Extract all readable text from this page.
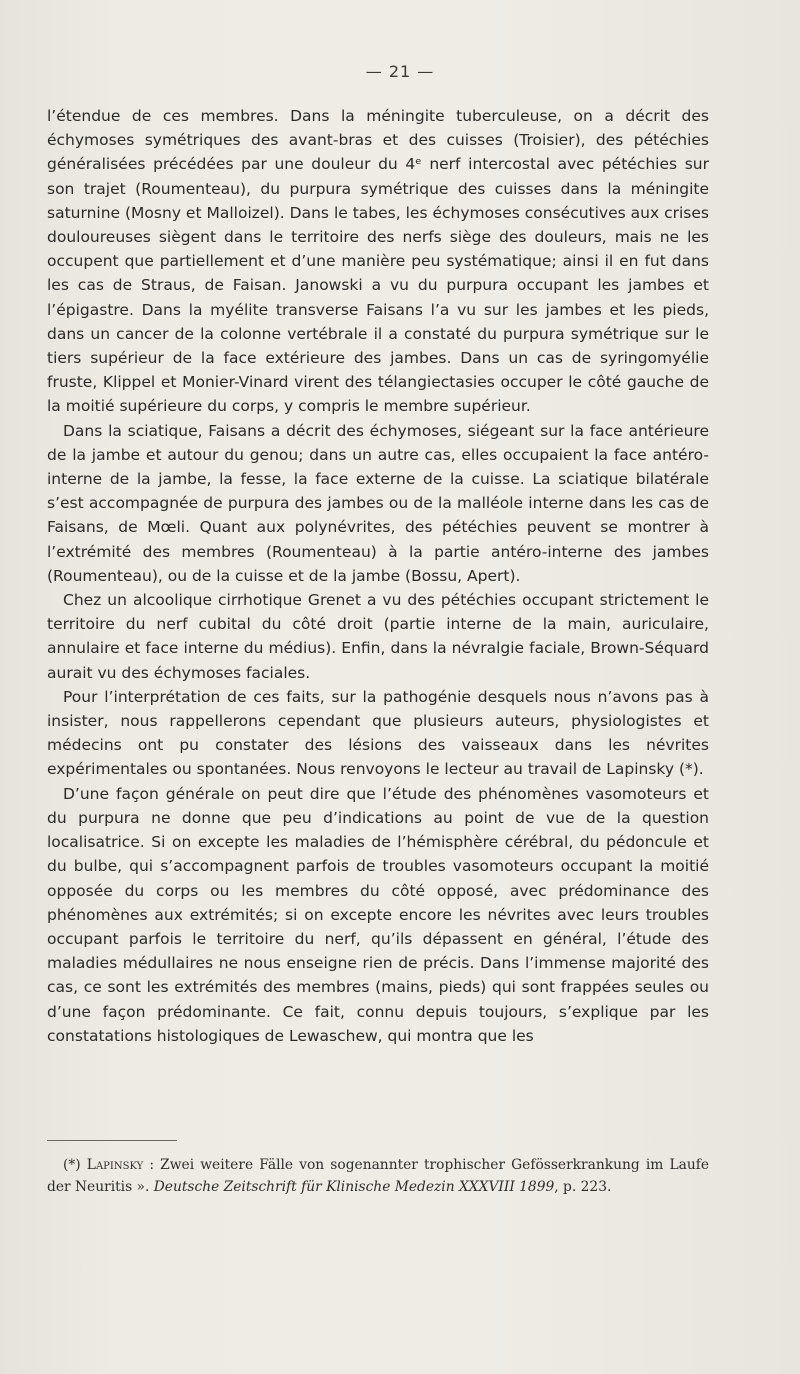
— 21 —

l’étendue de ces membres. Dans la méningite tuberculeuse, on a décrit des échymoses symétriques des avant-bras et des cuisses (Troisier), des pétéchies généralisées précédées par une douleur du 4ᵉ nerf intercostal avec pétéchies sur son trajet (Roumenteau), du purpura symétrique des cuisses dans la méningite saturnine (Mosny et Malloizel). Dans le tabes, les échymoses consécutives aux crises douloureuses siègent dans le territoire des nerfs siège des douleurs, mais ne les occupent que partiellement et d’une manière peu systématique; ainsi il en fut dans les cas de Straus, de Faisan. Janowski a vu du purpura occupant les jambes et l’épigastre. Dans la myélite transverse Faisans l’a vu sur les jambes et les pieds, dans un cancer de la colonne vertébrale il a constaté du purpura symétrique sur le tiers supérieur de la face extérieure des jambes. Dans un cas de syringomyélie fruste, Klippel et Monier-Vinard virent des télangiectasies occuper le côté gauche de la moitié supérieure du corps, y compris le membre supérieur.

Dans la sciatique, Faisans a décrit des échymoses, siégeant sur la face antérieure de la jambe et autour du genou; dans un autre cas, elles occupaient la face antéro-interne de la jambe, la fesse, la face externe de la cuisse. La sciatique bilatérale s’est accompagnée de purpura des jambes ou de la malléole interne dans les cas de Faisans, de Mœli. Quant aux polynévrites, des pétéchies peuvent se montrer à l’extrémité des membres (Roumenteau) à la partie antéro-interne des jambes (Roumenteau), ou de la cuisse et de la jambe (Bossu, Apert).

Chez un alcoolique cirrhotique Grenet a vu des pétéchies occupant strictement le territoire du nerf cubital du côté droit (partie interne de la main, auriculaire, annulaire et face interne du médius). Enfin, dans la névralgie faciale, Brown-Séquard aurait vu des échymoses faciales.

Pour l’interprétation de ces faits, sur la pathogénie desquels nous n’avons pas à insister, nous rappellerons cependant que plusieurs auteurs, physiologistes et médecins ont pu constater des lésions des vaisseaux dans les névrites expérimentales ou spontanées. Nous renvoyons le lecteur au travail de Lapinsky (*).

D’une façon générale on peut dire que l’étude des phénomènes vasomoteurs et du purpura ne donne que peu d’indications au point de vue de la question localisatrice. Si on excepte les maladies de l’hémisphère cérébral, du pédoncule et du bulbe, qui s’accompagnent parfois de troubles vasomoteurs occupant la moitié opposée du corps ou les membres du côté opposé, avec prédominance des phénomènes aux extrémités; si on excepte encore les névrites avec leurs troubles occupant parfois le territoire du nerf, qu’ils dépassent en général, l’étude des maladies médullaires ne nous enseigne rien de précis. Dans l’immense majorité des cas, ce sont les extrémités des membres (mains, pieds) qui sont frappées seules ou d’une façon prédominante. Ce fait, connu depuis toujours, s’explique par les constatations histologiques de Lewaschew, qui montra que les

(*) Lapinsky : Zwei weitere Fälle von sogenannter trophischer Gefösserkrankung im Laufe der Neuritis ». Deutsche Zeitschrift für Klinische Medezin XXXVIII 1899, p. 223.
